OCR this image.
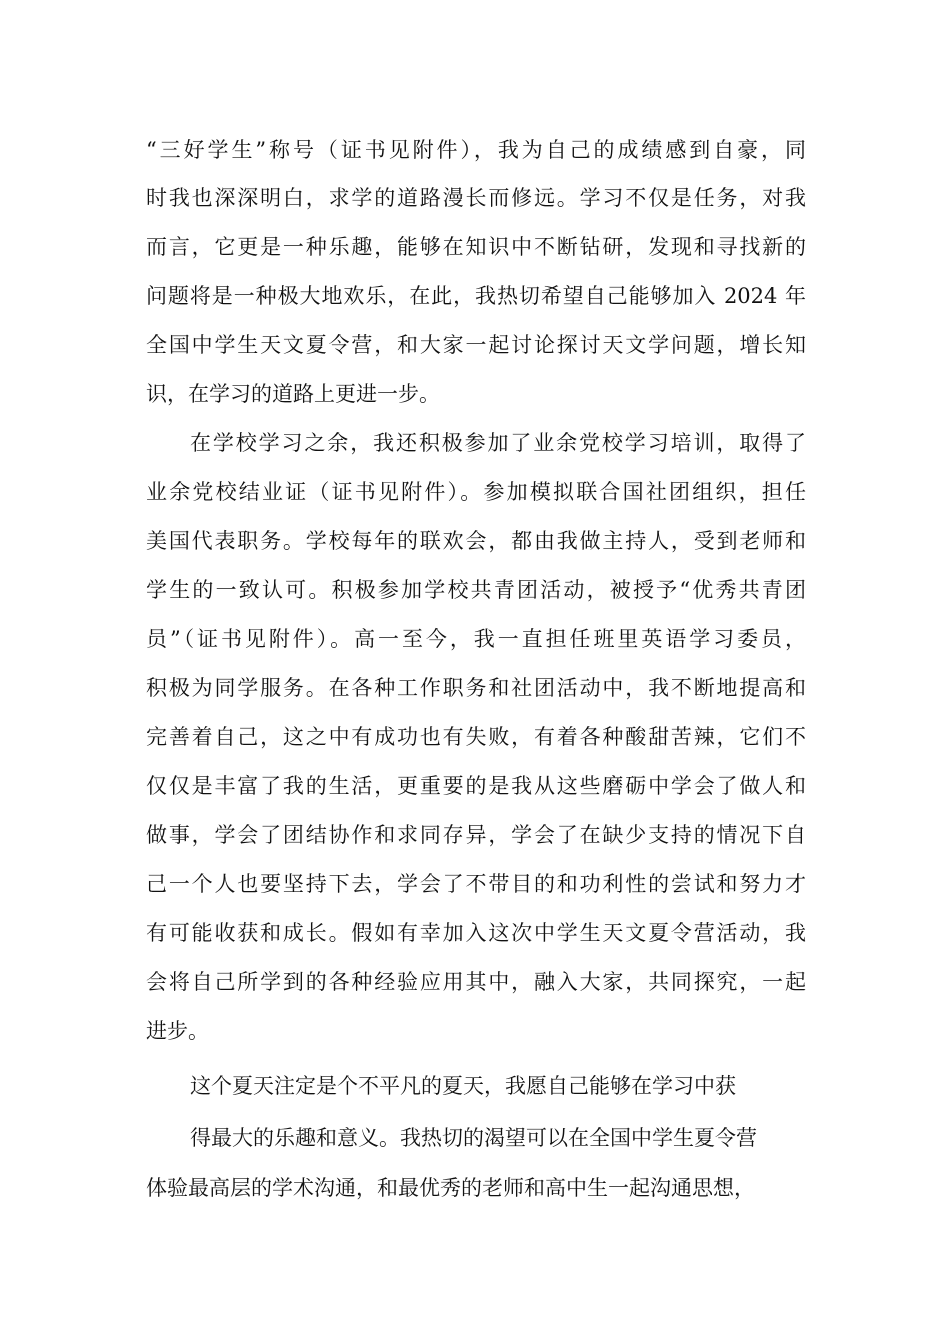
“三好学生”称号（证书见附件），我为自己的成绩感到自豪，同
时我也深深明白，求学的道路漫长而修远。学习不仅是任务，对我
而言，它更是一种乐趣，能够在知识中不断钻研，发现和寻找新的
问题将是一种极大地欢乐，在此，我热切希望自己能够加入 2024 年
全国中学生天文夏令营，和大家一起讨论探讨天文学问题，增长知
识，在学习的道路上更进一步。
在学校学习之余，我还积极参加了业余党校学习培训，取得了
业余党校结业证（证书见附件）。参加模拟联合国社团组织，担任
美国代表职务。学校每年的联欢会，都由我做主持人，受到老师和
学生的一致认可。积极参加学校共青团活动，被授予“优秀共青团
员”（证书见附件）。高一至今，我一直担任班里英语学习委员，
积极为同学服务。在各种工作职务和社团活动中，我不断地提高和
完善着自己，这之中有成功也有失败，有着各种酸甜苦辣，它们不
仅仅是丰富了我的生活，更重要的是我从这些磨砺中学会了做人和
做事，学会了团结协作和求同存异，学会了在缺少支持的情况下自
己一个人也要坚持下去，学会了不带目的和功利性的尝试和努力才
有可能收获和成长。假如有幸加入这次中学生天文夏令营活动，我
会将自己所学到的各种经验应用其中，融入大家，共同探究，一起
进步。
这个夏天注定是个不平凡的夏天，我愿自己能够在学习中获
得最大的乐趣和意义。我热切的渴望可以在全国中学生夏令营
体验最高层的学术沟通，和最优秀的老师和高中生一起沟通思想，
